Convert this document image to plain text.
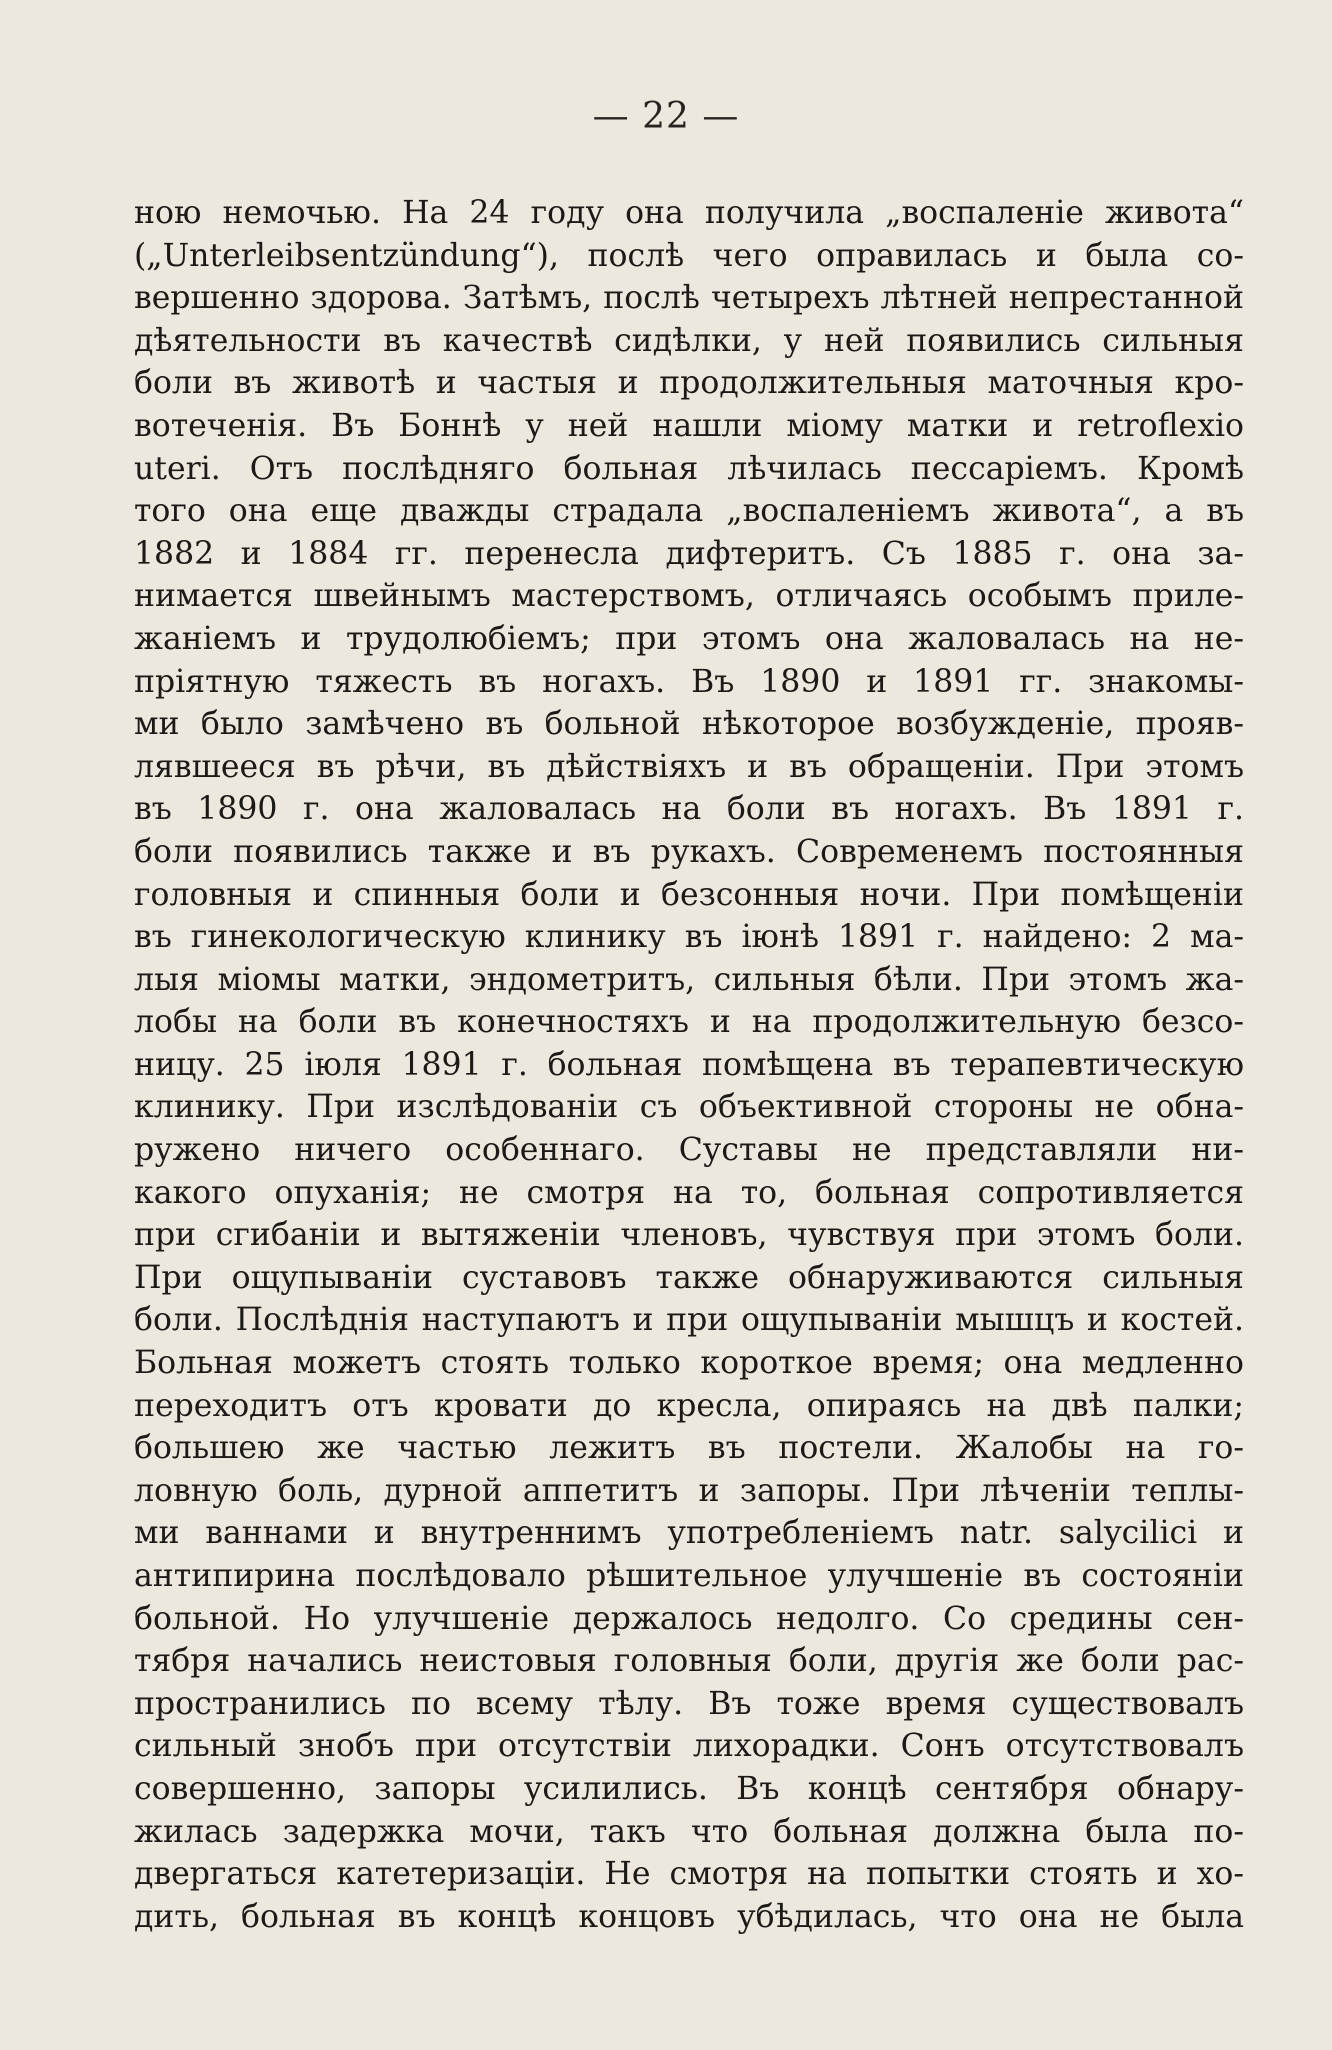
— 22 —
ною немочью. На 24 году она получила „воспаленіе живота“
(„Unterleibsentzündung“), послѣ чего оправилась и была со-
вершенно здорова. Затѣмъ, послѣ четырехъ лѣтней непрестанной
дѣятельности въ качествѣ сидѣлки, у ней появились сильныя
боли въ животѣ и частыя и продолжительныя маточныя кро-
вотеченія. Въ Боннѣ у ней нашли міому матки и retroflexio
uteri. Отъ послѣдняго больная лѣчилась пессаріемъ. Кромѣ
того она еще дважды страдала „воспаленіемъ живота“, а въ
1882 и 1884 гг. перенесла дифтеритъ. Съ 1885 г. она за-
нимается швейнымъ мастерствомъ, отличаясь особымъ приле-
жаніемъ и трудолюбіемъ; при этомъ она жаловалась на не-
пріятную тяжесть въ ногахъ. Въ 1890 и 1891 гг. знакомы-
ми было замѣчено въ больной нѣкоторое возбужденіе, прояв-
лявшееся въ рѣчи, въ дѣйствіяхъ и въ обращеніи. При этомъ
въ 1890 г. она жаловалась на боли въ ногахъ. Въ 1891 г.
боли появились также и въ рукахъ. Современемъ постоянныя
головныя и спинныя боли и безсонныя ночи. При помѣщеніи
въ гинекологическую клинику въ іюнѣ 1891 г. найдено: 2 ма-
лыя міомы матки, эндометритъ, сильныя бѣли. При этомъ жа-
лобы на боли въ конечностяхъ и на продолжительную безсо-
ницу. 25 іюля 1891 г. больная помѣщена въ терапевтическую
клинику. При изслѣдованіи съ объективной стороны не обна-
ружено ничего особеннаго. Суставы не представляли ни-
какого опуханія; не смотря на то, больная сопротивляется
при сгибаніи и вытяженіи членовъ, чувствуя при этомъ боли.
При ощупываніи суставовъ также обнаруживаются сильныя
боли. Послѣднія наступаютъ и при ощупываніи мышцъ и костей.
Больная можетъ стоять только короткое время; она медленно
переходитъ отъ кровати до кресла, опираясь на двѣ палки;
большею же частью лежитъ въ постели. Жалобы на го-
ловную боль, дурной аппетитъ и запоры. При лѣченіи теплы-
ми ваннами и внутреннимъ употребленіемъ natr. salycilici и
антипирина послѣдовало рѣшительное улучшеніе въ состояніи
больной. Но улучшеніе держалось недолго. Со средины сен-
тября начались неистовыя головныя боли, другія же боли рас-
пространились по всему тѣлу. Въ тоже время существовалъ
сильный знобъ при отсутствіи лихорадки. Сонъ отсутствовалъ
совершенно, запоры усилились. Въ концѣ сентября обнару-
жилась задержка мочи, такъ что больная должна была по-
двергаться катетеризаціи. Не смотря на попытки стоять и хо-
дить, больная въ концѣ концовъ убѣдилась, что она не была
